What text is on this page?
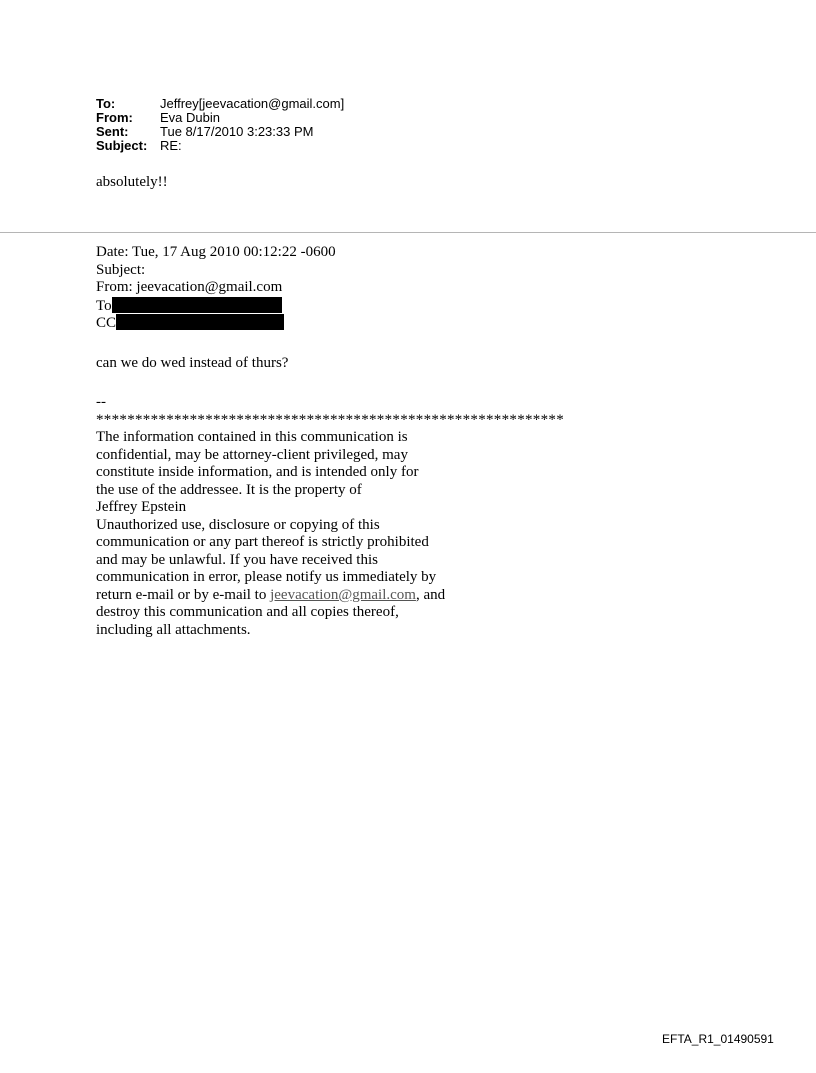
To:	Jeffrey[jeevacation@gmail.com]
From:	Eva Dubin
Sent:	Tue 8/17/2010 3:23:33 PM
Subject: RE:
absolutely!!
Date: Tue, 17 Aug 2010 00:12:22 -0600
Subject:
From: jeevacation@gmail.com
To
CC
can we do wed instead of thurs?
--
************************************************************
The information contained in this communication is
confidential, may be attorney-client privileged, may
constitute inside information, and is intended only for
the use of the addressee. It is the property of
Jeffrey Epstein
Unauthorized use, disclosure or copying of this
communication or any part thereof is strictly prohibited
and may be unlawful. If you have received this
communication in error, please notify us immediately by
return e-mail or by e-mail to jeevacation@gmail.com, and
destroy this communication and all copies thereof,
including all attachments.
EFTA_R1_01490591
